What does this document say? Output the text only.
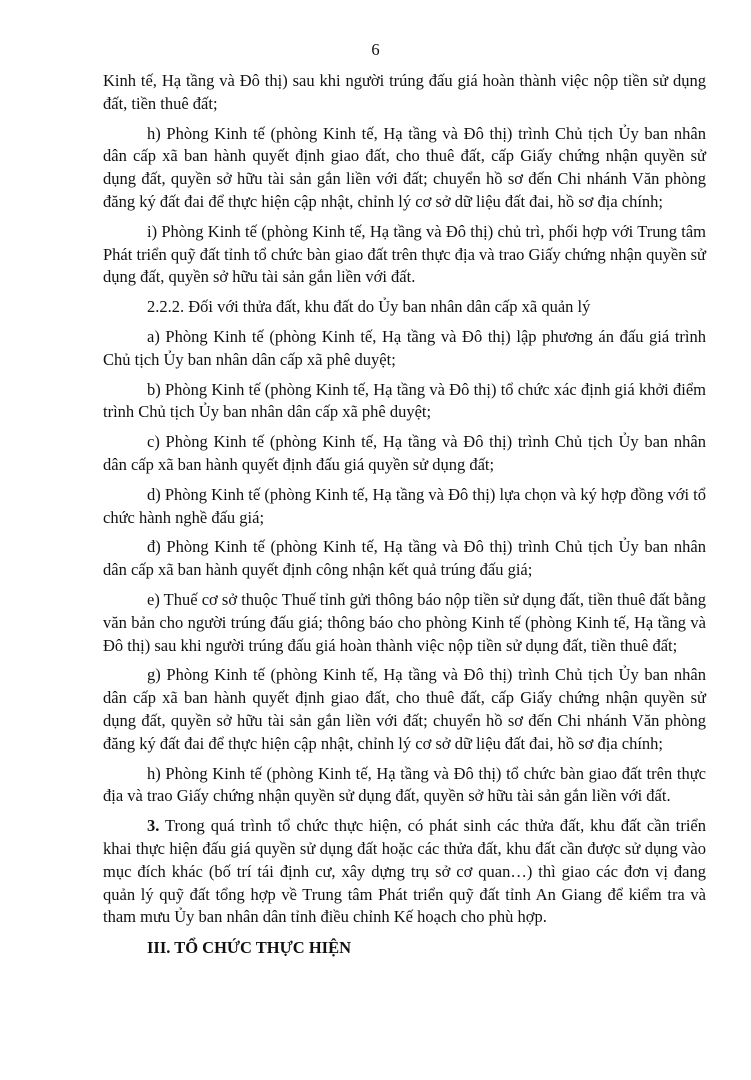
6

Kinh tế, Hạ tầng và Đô thị) sau khi người trúng đấu giá hoàn thành việc nộp tiền sử dụng đất, tiền thuê đất;

h) Phòng Kinh tế (phòng Kinh tế, Hạ tầng và Đô thị) trình Chủ tịch Ủy ban nhân dân cấp xã ban hành quyết định giao đất, cho thuê đất, cấp Giấy chứng nhận quyền sử dụng đất, quyền sở hữu tài sản gắn liền với đất; chuyển hồ sơ đến Chi nhánh Văn phòng đăng ký đất đai để thực hiện cập nhật, chỉnh lý cơ sở dữ liệu đất đai, hồ sơ địa chính;

i) Phòng Kinh tế (phòng Kinh tế, Hạ tầng và Đô thị) chủ trì, phối hợp với Trung tâm Phát triển quỹ đất tỉnh tổ chức bàn giao đất trên thực địa và trao Giấy chứng nhận quyền sử dụng đất, quyền sở hữu tài sản gắn liền với đất.

2.2.2. Đối với thửa đất, khu đất do Ủy ban nhân dân cấp xã quản lý

a) Phòng Kinh tế (phòng Kinh tế, Hạ tầng và Đô thị) lập phương án đấu giá trình Chủ tịch Ủy ban nhân dân cấp xã phê duyệt;

b) Phòng Kinh tế (phòng Kinh tế, Hạ tầng và Đô thị) tổ chức xác định giá khởi điểm trình Chủ tịch Ủy ban nhân dân cấp xã phê duyệt;

c) Phòng Kinh tế (phòng Kinh tế, Hạ tầng và Đô thị) trình Chủ tịch Ủy ban nhân dân cấp xã ban hành quyết định đấu giá quyền sử dụng đất;

d) Phòng Kinh tế (phòng Kinh tế, Hạ tầng và Đô thị) lựa chọn và ký hợp đồng với tổ chức hành nghề đấu giá;

đ) Phòng Kinh tế (phòng Kinh tế, Hạ tầng và Đô thị) trình Chủ tịch Ủy ban nhân dân cấp xã ban hành quyết định công nhận kết quả trúng đấu giá;

e) Thuế cơ sở thuộc Thuế tỉnh gửi thông báo nộp tiền sử dụng đất, tiền thuê đất bằng văn bản cho người trúng đấu giá; thông báo cho phòng Kinh tế (phòng Kinh tế, Hạ tầng và Đô thị) sau khi người trúng đấu giá hoàn thành việc nộp tiền sử dụng đất, tiền thuê đất;

g) Phòng Kinh tế (phòng Kinh tế, Hạ tầng và Đô thị) trình Chủ tịch Ủy ban nhân dân cấp xã ban hành quyết định giao đất, cho thuê đất, cấp Giấy chứng nhận quyền sử dụng đất, quyền sở hữu tài sản gắn liền với đất; chuyển hồ sơ đến Chi nhánh Văn phòng đăng ký đất đai để thực hiện cập nhật, chỉnh lý cơ sở dữ liệu đất đai, hồ sơ địa chính;

h) Phòng Kinh tế (phòng Kinh tế, Hạ tầng và Đô thị) tổ chức bàn giao đất trên thực địa và trao Giấy chứng nhận quyền sử dụng đất, quyền sở hữu tài sản gắn liền với đất.

3. Trong quá trình tổ chức thực hiện, có phát sinh các thửa đất, khu đất cần triển khai thực hiện đấu giá quyền sử dụng đất hoặc các thửa đất, khu đất cần được sử dụng vào mục đích khác (bố trí tái định cư, xây dựng trụ sở cơ quan…) thì giao các đơn vị đang quản lý quỹ đất tổng hợp về Trung tâm Phát triển quỹ đất tỉnh An Giang để kiểm tra và tham mưu Ủy ban nhân dân tỉnh điều chỉnh Kế hoạch cho phù hợp.

III. TỔ CHỨC THỰC HIỆN
